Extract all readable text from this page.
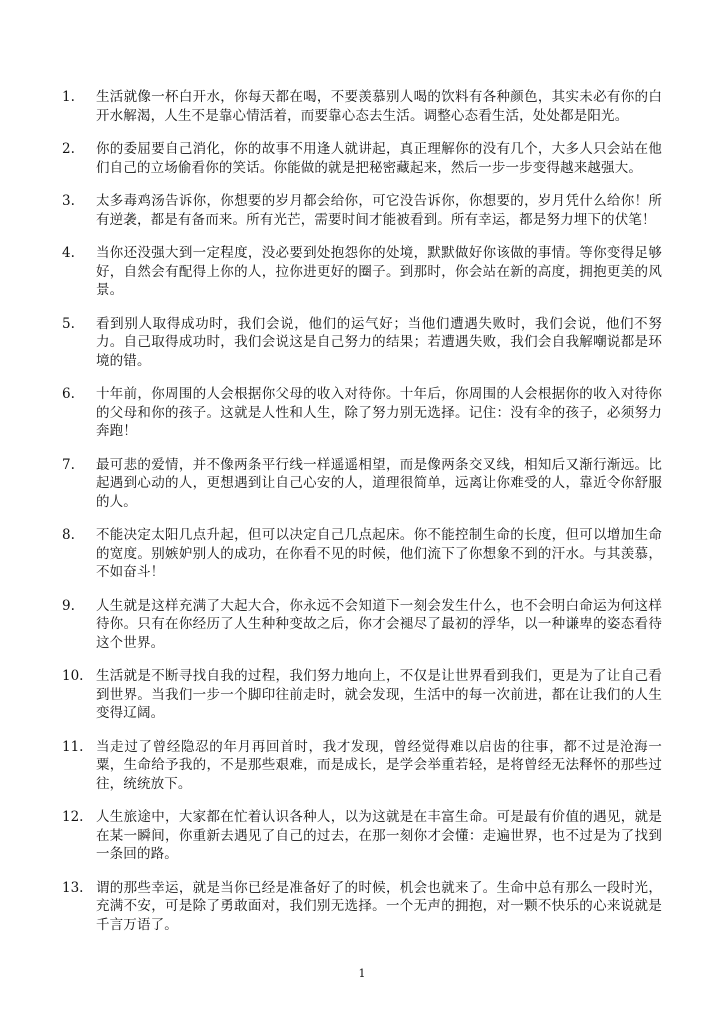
1.	生活就像一杯白开水，你每天都在喝，不要羡慕别人喝的饮料有各种颜色，其实未必有你的白开水解渴，人生不是靠心情活着，而要靠心态去生活。调整心态看生活，处处都是阳光。
2.	你的委屈要自己消化，你的故事不用逢人就讲起，真正理解你的没有几个，大多人只会站在他们自己的立场偷看你的笑话。你能做的就是把秘密藏起来，然后一步一步变得越来越强大。
3.	太多毒鸡汤告诉你，你想要的岁月都会给你，可它没告诉你，你想要的，岁月凭什么给你！所有逆袭，都是有备而来。所有光芒，需要时间才能被看到。所有幸运，都是努力埋下的伏笔！
4.	当你还没强大到一定程度，没必要到处抱怨你的处境，默默做好你该做的事情。等你变得足够好，自然会有配得上你的人，拉你进更好的圈子。到那时，你会站在新的高度，拥抱更美的风景。
5.	看到别人取得成功时，我们会说，他们的运气好；当他们遭遇失败时，我们会说，他们不努力。自己取得成功时，我们会说这是自己努力的结果；若遭遇失败，我们会自我解嘲说都是环境的错。
6.	十年前，你周围的人会根据你父母的收入对待你。十年后，你周围的人会根据你的收入对待你的父母和你的孩子。这就是人性和人生，除了努力别无选择。记住：没有伞的孩子，必须努力奔跑！
7.	最可悲的爱情，并不像两条平行线一样遥遥相望，而是像两条交叉线，相知后又渐行渐远。比起遇到心动的人，更想遇到让自己心安的人，道理很简单，远离让你难受的人，靠近令你舒服的人。
8.	不能决定太阳几点升起，但可以决定自己几点起床。你不能控制生命的长度，但可以增加生命的宽度。别嫉妒别人的成功，在你看不见的时候，他们流下了你想象不到的汗水。与其羡慕，不如奋斗！
9.	人生就是这样充满了大起大合，你永远不会知道下一刻会发生什么，也不会明白命运为何这样待你。只有在你经历了人生种种变故之后，你才会褪尽了最初的浮华，以一种谦卑的姿态看待这个世界。
10. 生活就是不断寻找自我的过程，我们努力地向上，不仅是让世界看到我们，更是为了让自己看到世界。当我们一步一个脚印往前走时，就会发现，生活中的每一次前进，都在让我们的人生变得辽阔。
11. 当走过了曾经隐忍的年月再回首时，我才发现，曾经觉得难以启齿的往事，都不过是沧海一粟，生命给予我的，不是那些艰难，而是成长，是学会举重若轻，是将曾经无法释怀的那些过往，统统放下。
12. 人生旅途中，大家都在忙着认识各种人，以为这就是在丰富生命。可是最有价值的遇见，就是在某一瞬间，你重新去遇见了自己的过去，在那一刻你才会懂：走遍世界，也不过是为了找到一条回的路。
13. 谓的那些幸运，就是当你已经是准备好了的时候，机会也就来了。生命中总有那么一段时光，充满不安，可是除了勇敢面对，我们别无选择。一个无声的拥抱，对一颗不快乐的心来说就是千言万语了。
1
